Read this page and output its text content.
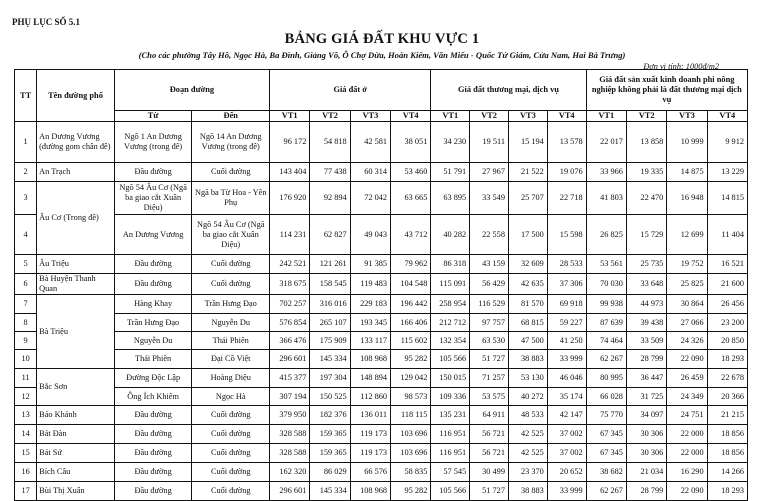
PHỤ LỤC SỐ 5.1
BẢNG GIÁ ĐẤT KHU VỰC 1
(Cho các phường Tây Hồ, Ngọc Hà, Ba Đình, Giảng Võ, Ô Chợ Dừa, Hoàn Kiếm, Văn Miếu - Quốc Tử Giám, Cửa Nam, Hai Bà Trưng)
Đơn vị tính: 1000đ/m2
TT	Tên đường phố	Đoạn đường		Giá đất ở				Giá đất thương mại, dịch vụ				Giá đất sản xuất kinh doanh phi nông nghiệp không phải là đất thương mại dịch vụ			
		Từ	Đến	VT1	VT2	VT3	VT4	VT1	VT2	VT3	VT4	VT1	VT2	VT3	VT4
1	An Dương Vương (đường gom chân đê)	Ngõ 1 An Dương Vương (trong đê)	Ngõ 14 An Dương Vương (trong đê)	96 172	54 818	42 581	38 051	34 230	19 511	15 194	13 578	22 017	13 858	10 999	9 912
2	An Trạch	Đầu đường	Cuối đường	143 404	77 438	60 314	53 460	51 791	27 967	21 522	19 076	33 966	19 335	14 875	13 229
3	Âu Cơ (Trong đê)	Ngõ 54 Âu Cơ (Ngã ba giao cắt Xuân Diệu)	Ngã ba Từ Hoa - Yên Phụ	176 920	92 894	72 042	63 665	63 895	33 549	25 707	22 718	41 803	22 470	16 948	14 815
4		An Dương Vương	Ngõ 54 Âu Cơ (Ngã ba giao cắt Xuân Diệu)	114 231	62 827	49 043	43 712	40 282	22 558	17 500	15 598	26 825	15 729	12 699	11 404
5	Âu Triệu	Đầu đường	Cuối đường	242 521	121 261	91 385	79 962	86 318	43 159	32 609	28 533	53 561	25 735	19 752	16 521
6	Bà Huyện Thanh Quan	Đầu đường	Cuối đường	318 675	158 545	119 483	104 548	115 091	56 429	42 635	37 306	70 030	33 648	25 825	21 600
7	Bà Triệu	Hàng Khay	Trần Hưng Đạo	702 257	316 016	229 183	196 442	258 954	116 529	81 570	69 918	99 938	44 973	30 864	26 456
8		Trần Hưng Đạo	Nguyễn Du	576 854	265 107	193 345	166 406	212 712	97 757	68 815	59 227	87 639	39 438	27 066	23 200
9		Nguyễn Du	Thái Phiên	366 476	175 909	133 117	115 602	132 354	63 530	47 500	41 250	74 464	33 509	24 326	20 850
10		Thái Phiên	Đại Cồ Việt	296 601	145 334	108 968	95 282	105 566	51 727	38 883	33 999	62 267	28 799	22 090	18 293
11	Bắc Sơn	Đường Độc Lập	Hoàng Diệu	415 377	197 304	148 894	129 042	150 015	71 257	53 130	46 046	80 995	36 447	26 459	22 678
12		Ông Ích Khiêm	Ngọc Hà	307 194	150 525	112 860	98 573	109 336	53 575	40 272	35 174	66 028	31 725	24 349	20 366
13	Bảo Khánh	Đầu đường	Cuối đường	379 950	182 376	136 011	118 115	135 231	64 911	48 533	42 147	75 770	34 097	24 751	21 215
14	Bát Đàn	Đầu đường	Cuối đường	328 588	159 365	119 173	103 696	116 951	56 721	42 525	37 002	67 345	30 306	22 000	18 856
15	Bát Sứ	Đầu đường	Cuối đường	328 588	159 365	119 173	103 696	116 951	56 721	42 525	37 002	67 345	30 306	22 000	18 856
16	Bích Câu	Đầu đường	Cuối đường	162 320	86 029	66 576	58 835	57 545	30 499	23 370	20 652	38 682	21 034	16 290	14 266
17	Bùi Thị Xuân	Đầu đường	Cuối đường	296 601	145 334	108 968	95 282	105 566	51 727	38 883	33 999	62 267	28 799	22 090	18 293
